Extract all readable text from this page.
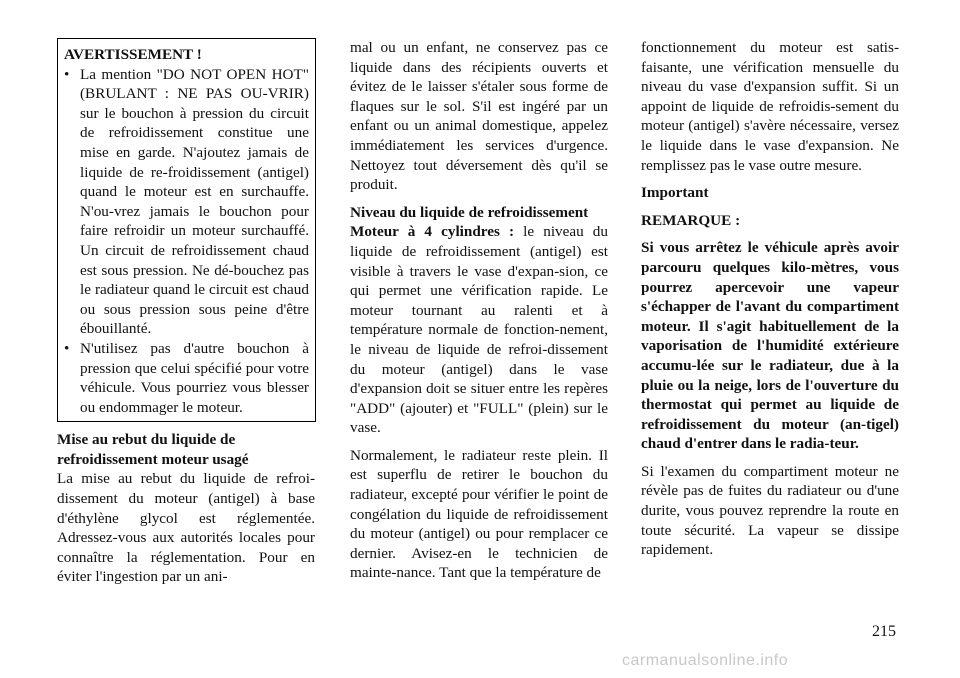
AVERTISSEMENT !

• La mention "DO NOT OPEN HOT" (BRULANT : NE PAS OU-VRIR) sur le bouchon à pression du circuit de refroidissement constitue une mise en garde. N'ajoutez jamais de liquide de re-froidissement (antigel) quand le moteur est en surchauffe. N'ou-vrez jamais le bouchon pour faire refroidir un moteur surchauffé. Un circuit de refroidissement chaud est sous pression. Ne dé-bouchez pas le radiateur quand le circuit est chaud ou sous pression sous peine d'être ébouillanté.
• N'utilisez pas d'autre bouchon à pression que celui spécifié pour votre véhicule. Vous pourriez vous blesser ou endommager le moteur.

Mise au rebut du liquide de refroidissement moteur usagé

La mise au rebut du liquide de refroi-dissement du moteur (antigel) à base d'éthylène glycol est réglementée. Adressez-vous aux autorités locales pour connaître la réglementation. Pour en éviter l'ingestion par un ani-

mal ou un enfant, ne conservez pas ce liquide dans des récipients ouverts et évitez de le laisser s'étaler sous forme de flaques sur le sol. S'il est ingéré par un enfant ou un animal domestique, appelez immédiatement les services d'urgence. Nettoyez tout déversement dès qu'il se produit.

Niveau du liquide de refroidissement

Moteur à 4 cylindres : le niveau du liquide de refroidissement (antigel) est visible à travers le vase d'expan-sion, ce qui permet une vérification rapide. Le moteur tournant au ralenti et à température normale de fonction-nement, le niveau de liquide de refroi-dissement du moteur (antigel) dans le vase d'expansion doit se situer entre les repères "ADD" (ajouter) et "FULL" (plein) sur le vase.

Normalement, le radiateur reste plein. Il est superflu de retirer le bouchon du radiateur, excepté pour vérifier le point de congélation du liquide de refroidissement du moteur (antigel) ou pour remplacer ce dernier. Avisez-en le technicien de mainte-nance. Tant que la température de

fonctionnement du moteur est satis-faisante, une vérification mensuelle du niveau du vase d'expansion suffit. Si un appoint de liquide de refroidis-sement du moteur (antigel) s'avère nécessaire, versez le liquide dans le vase d'expansion. Ne remplissez pas le vase outre mesure.

Important

REMARQUE :

Si vous arrêtez le véhicule après avoir parcouru quelques kilo-mètres, vous pourrez apercevoir une vapeur s'échapper de l'avant du compartiment moteur. Il s'agit habituellement de la vaporisation de l'humidité extérieure accumu-lée sur le radiateur, due à la pluie ou la neige, lors de l'ouverture du thermostat qui permet au liquide de refroidissement du moteur (an-tigel) chaud d'entrer dans le radia-teur.

Si l'examen du compartiment moteur ne révèle pas de fuites du radiateur ou d'une durite, vous pouvez reprendre la route en toute sécurité. La vapeur se dissipe rapidement.

215
carmanualsonline.info
